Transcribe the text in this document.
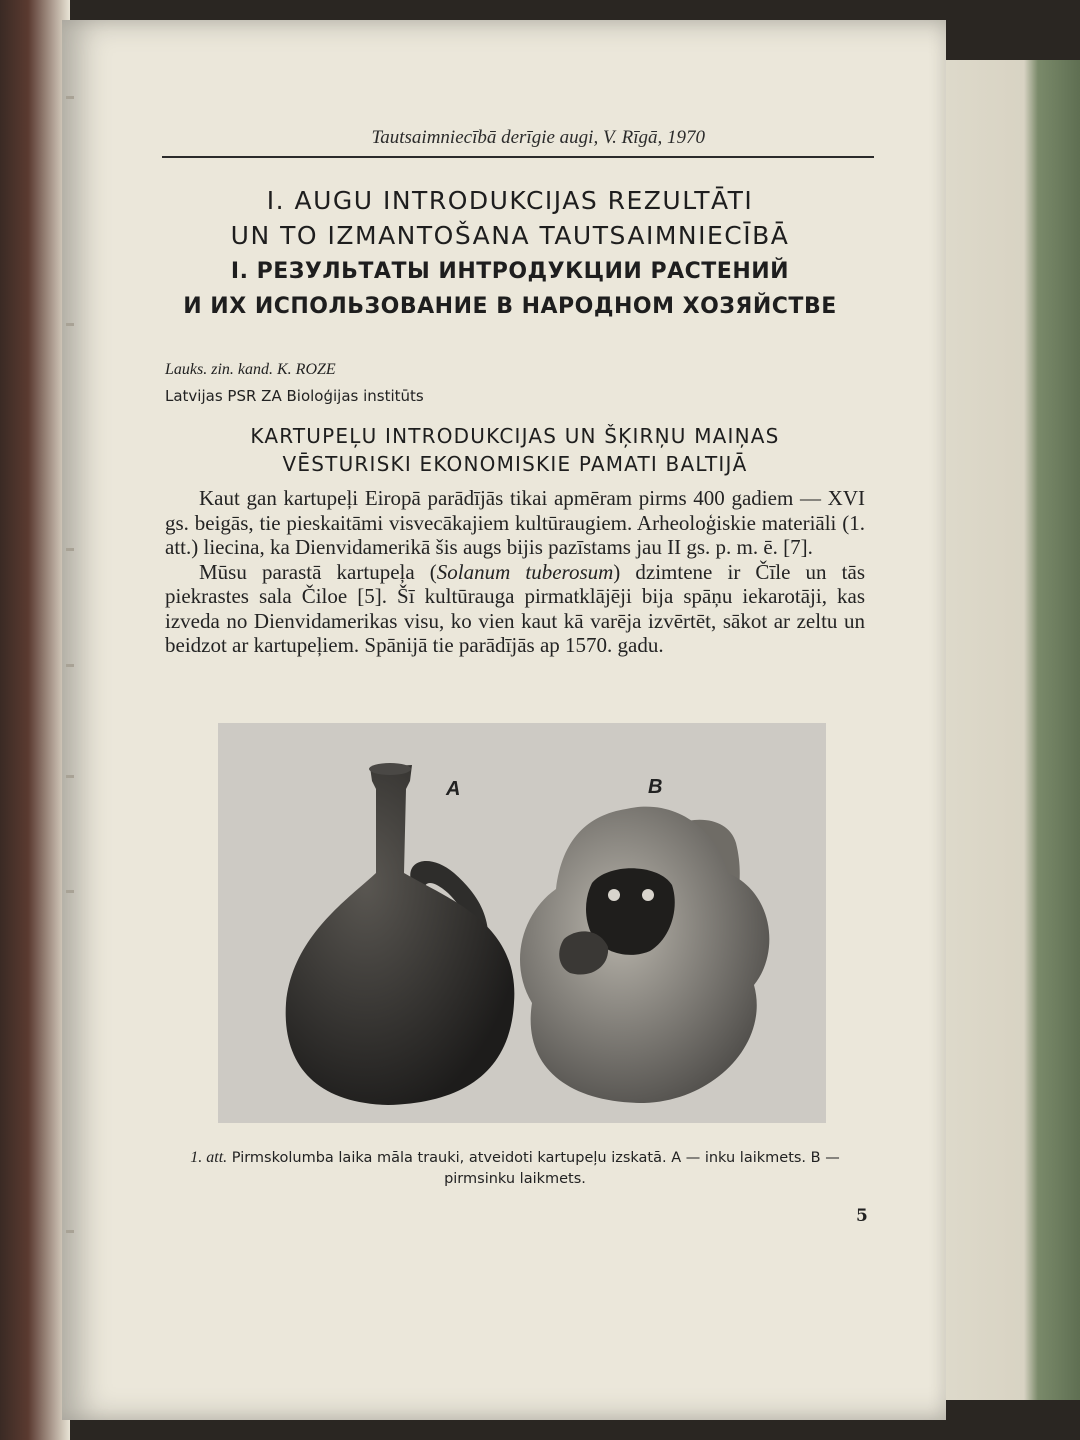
Tautsaimniecībā derīgie augi, V. Rīgā, 1970
I. AUGU INTRODUKCIJAS REZULTĀTI
UN TO IZMANTOŠANA TAUTSAIMNIECĪBĀ
I. РЕЗУЛЬТАТЫ ИНТРОДУКЦИИ РАСТЕНИЙ
И ИХ ИСПОЛЬЗОВАНИЕ В НАРОДНОМ ХОЗЯЙСТВЕ
Lauks. zin. kand. K. ROZE
Latvijas PSR ZA Bioloģijas institūts
KARTUPEĻU INTRODUKCIJAS UN ŠĶIRŅU MAIŅAS
VĒSTURISKI EKONOMISKIE PAMATI BALTIJĀ

Kaut gan kartupeļi Eiropā parādījās tikai apmēram pirms 400 gadiem — XVI gs. beigās, tie pieskaitāmi visvecākajiem kultūraugiem. Arheoloģiskie materiāli (1. att.) liecina, ka Dienvidamerikā šis augs bijis pazīstams jau II gs. p. m. ē. [7].

Mūsu parastā kartupeļa (Solanum tuberosum) dzimtene ir Čīle un tās piekrastes sala Čiloe [5]. Šī kultūrauga pirmatklājēji bija spāņu iekarotāji, kas izveda no Dienvidamerikas visu, ko vien kaut kā varēja izvērtēt, sākot ar zeltu un beidzot ar kartupeļiem. Spānijā tie parādījās ap 1570. gadu.

A	B
1. att. Pirmskolumba laika māla trauki, atveidoti kartupeļu izskatā. A — inku laikmets. B — pirmsinku laikmets.
5
